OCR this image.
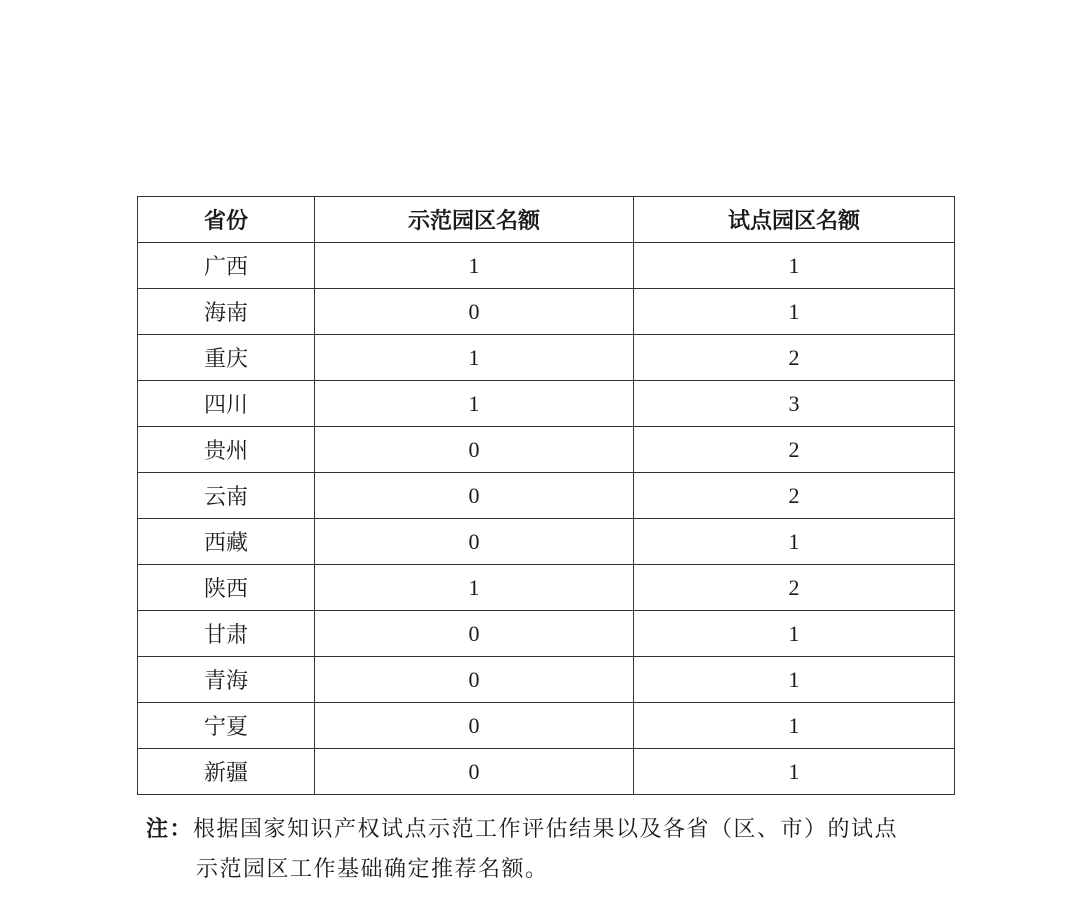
省份	示范园区名额	试点园区名额
广西	1	1
海南	0	1
重庆	1	2
四川	1	3
贵州	0	2
云南	0	2
西藏	0	1
陕西	1	2
甘肃	0	1
青海	0	1
宁夏	0	1
新疆	0	1
注：根据国家知识产权试点示范工作评估结果以及各省（区、市）的试点
示范园区工作基础确定推荐名额。
